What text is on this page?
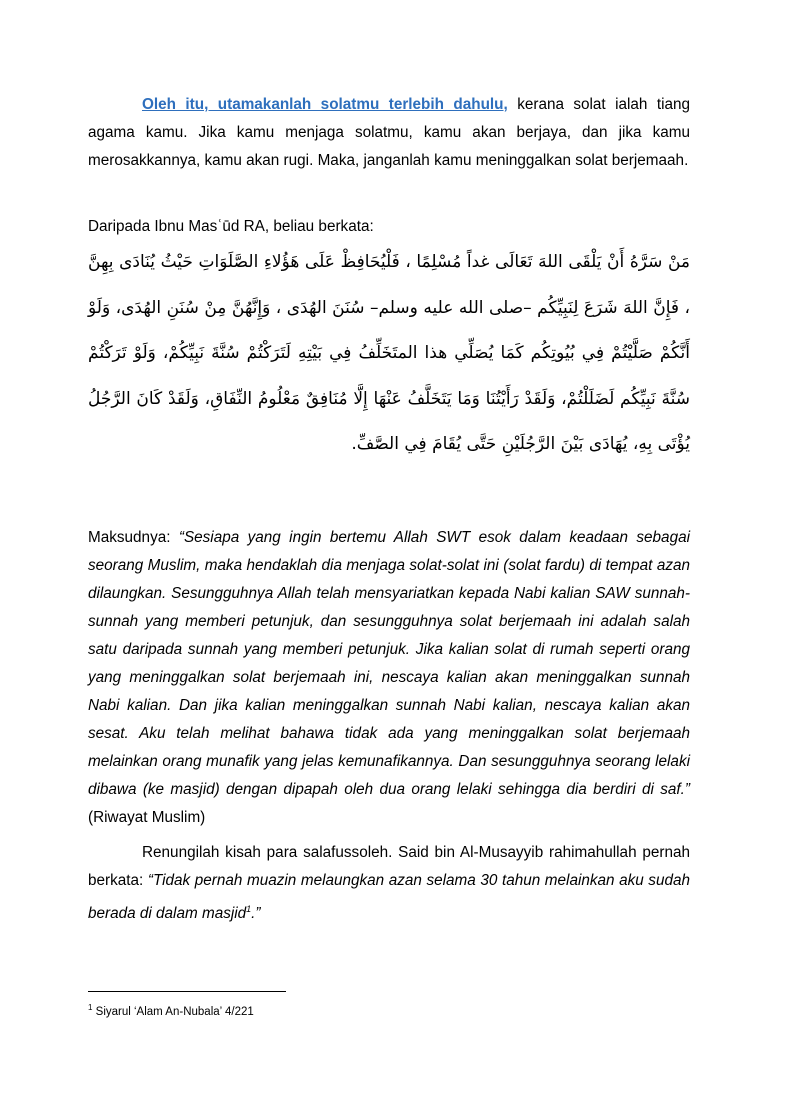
Oleh itu, utamakanlah solatmu terlebih dahulu, kerana solat ialah tiang agama kamu. Jika kamu menjaga solatmu, kamu akan berjaya, dan jika kamu merosakkannya, kamu akan rugi. Maka, janganlah kamu meninggalkan solat berjemaah.

Daripada Ibnu Masʿūd RA, beliau berkata:

مَنْ سَرَّهُ أَنْ يَلْقَى اللهَ تَعَالَى غداً مُسْلِمًا ، فَلْيُحَافِظْ عَلَى هَؤُلاءِ الصَّلَوَاتِ حَيْثُ يُنَادَى بِهِنَّ ، فَإِنَّ اللهَ شَرَعَ لِنَبِيِّكُم –صلى الله عليه وسلم– سُنَنَ الهُدَى ، وَإِنَّهُنَّ مِنْ سُنَنِ الهُدَى، وَلَوْ أَنَّكُمْ صَلَّيْتُمْ فِي بُيُوتِكُم كَمَا يُصَلِّي هذا المتَخَلِّفُ فِي بَيْتِهِ لَتَرَكْتُمْ سُنَّةَ نَبِيِّكُمْ، وَلَوْ تَرَكْتُمْ سُنَّةَ نَبِيِّكُم لَضَلَلْتُمْ، وَلَقَدْ رَأَيْتُنَا وَمَا يَتَخَلَّفُ عَنْهَا إِلَّا مُنَافِقٌ مَعْلُومُ النِّفَاقِ، وَلَقَدْ كَانَ الرَّجُلُ يُؤْتَى بِهِ، يُهَادَى بَيْنَ الرَّجُلَيْنِ حَتَّى يُقَامَ فِي الصَّفِّ.

Maksudnya: “Sesiapa yang ingin bertemu Allah SWT esok dalam keadaan sebagai seorang Muslim, maka hendaklah dia menjaga solat-solat ini (solat fardu) di tempat azan dilaungkan. Sesungguhnya Allah telah mensyariatkan kepada Nabi kalian SAW sunnah-sunnah yang memberi petunjuk, dan sesungguhnya solat berjemaah ini adalah salah satu daripada sunnah yang memberi petunjuk. Jika kalian solat di rumah seperti orang yang meninggalkan solat berjemaah ini, nescaya kalian akan meninggalkan sunnah Nabi kalian. Dan jika kalian meninggalkan sunnah Nabi kalian, nescaya kalian akan sesat. Aku telah melihat bahawa tidak ada yang meninggalkan solat berjemaah melainkan orang munafik yang jelas kemunafikannya. Dan sesungguhnya seorang lelaki dibawa (ke masjid) dengan dipapah oleh dua orang lelaki sehingga dia berdiri di saf.” (Riwayat Muslim)

Renungilah kisah para salafussoleh. Said bin Al-Musayyib rahimahullah pernah berkata: “Tidak pernah muazin melaungkan azan selama 30 tahun melainkan aku sudah berada di dalam masjid$^1$.”

$^1$ Siyarul ‘Alam An-Nubala’ 4/221
